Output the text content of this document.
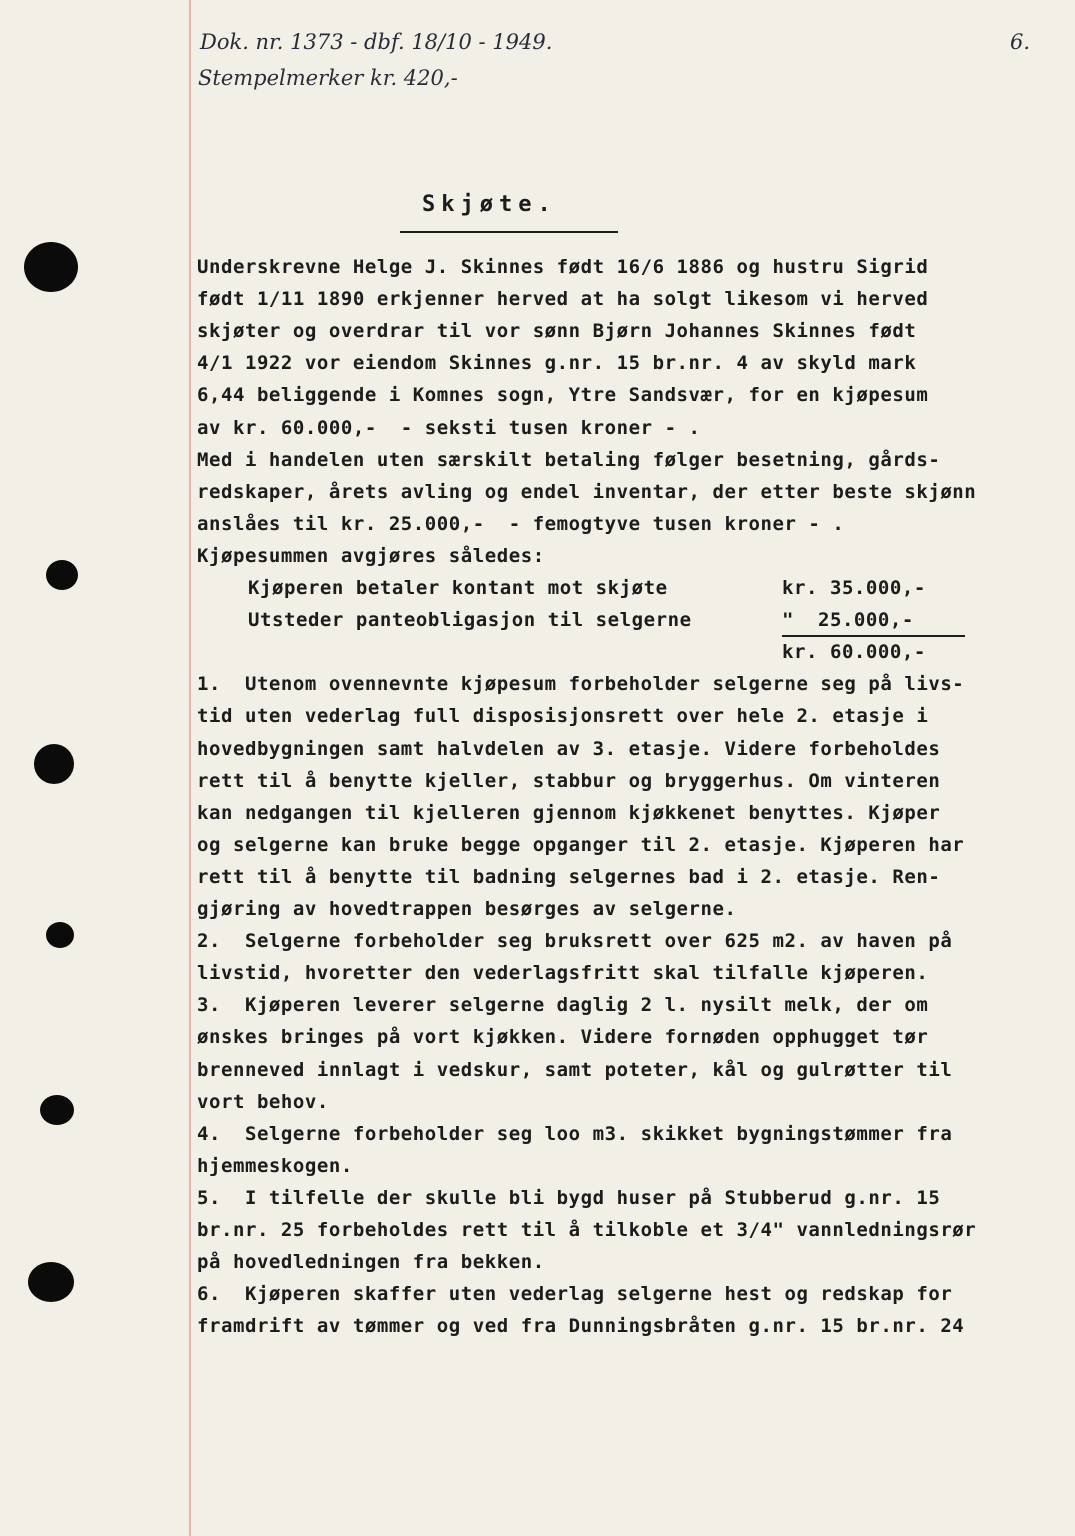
Dok. nr. 1373 - dbf. 18/10 - 1949.
Stempelmerker kr. 420,-
6.
Skjøte.
Underskrevne Helge J. Skinnes født 16/6 1886 og hustru Sigrid
født 1/11 1890 erkjenner herved at ha solgt likesom vi herved
skjøter og overdrar til vor sønn Bjørn Johannes Skinnes født
4/1 1922 vor eiendom Skinnes g.nr. 15 br.nr. 4 av skyld mark
6,44 beliggende i Komnes sogn, Ytre Sandsvær, for en kjøpesum
av kr. 60.000,-  - seksti tusen kroner - .
Med i handelen uten særskilt betaling følger besetning, gårds-
redskaper, årets avling og endel inventar, der etter beste skjønn
anslåes til kr. 25.000,-  - femogtyve tusen kroner - .
Kjøpesummen avgjøres således:
Kjøperen betaler kontant mot skjøte	kr. 35.000,-
Utsteder panteobligasjon til selgerne	"  25.000,-
kr. 60.000,-
1.  Utenom ovennevnte kjøpesum forbeholder selgerne seg på livs-
tid uten vederlag full disposisjonsrett over hele 2. etasje i
hovedbygningen samt halvdelen av 3. etasje. Videre forbeholdes
rett til å benytte kjeller, stabbur og bryggerhus. Om vinteren
kan nedgangen til kjelleren gjennom kjøkkenet benyttes. Kjøper
og selgerne kan bruke begge opganger til 2. etasje. Kjøperen har
rett til å benytte til badning selgernes bad i 2. etasje. Ren-
gjøring av hovedtrappen besørges av selgerne.
2.  Selgerne forbeholder seg bruksrett over 625 m2. av haven på
livstid, hvoretter den vederlagsfritt skal tilfalle kjøperen.
3.  Kjøperen leverer selgerne daglig 2 l. nysilt melk, der om
ønskes bringes på vort kjøkken. Videre fornøden opphugget tør
brenneved innlagt i vedskur, samt poteter, kål og gulrøtter til
vort behov.
4.  Selgerne forbeholder seg loo m3. skikket bygningstømmer fra
hjemmeskogen.
5.  I tilfelle der skulle bli bygd huser på Stubberud g.nr. 15
br.nr. 25 forbeholdes rett til å tilkoble et 3/4" vannledningsrør
på hovedledningen fra bekken.
6.  Kjøperen skaffer uten vederlag selgerne hest og redskap for
framdrift av tømmer og ved fra Dunningsbråten g.nr. 15 br.nr. 24
